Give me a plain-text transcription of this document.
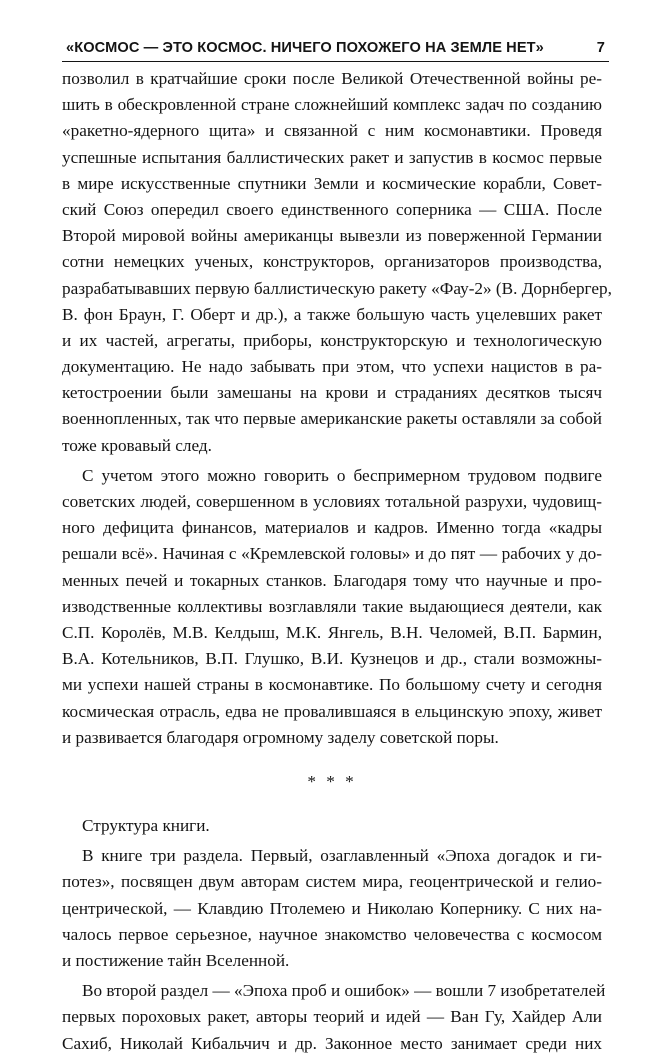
«КОСМОС — ЭТО КОСМОС. НИЧЕГО ПОХОЖЕГО НА ЗЕМЛЕ НЕТ»	7
позволил в кратчайшие сроки после Великой Отечественной войны ре-
шить в обескровленной стране сложнейший комплекс задач по созданию
«ракетно-ядерного щита» и связанной с ним космонавтики. Проведя
успешные испытания баллистических ракет и запустив в космос первые
в мире искусственные спутники Земли и космические корабли, Совет-
ский Союз опередил своего единственного соперника — США. После
Второй мировой войны американцы вывезли из поверженной Германии
сотни немецких ученых, конструкторов, организаторов производства,
разрабатывавших первую баллистическую ракету «Фау-2» (В. Дорнбергер,
В. фон Браун, Г. Оберт и др.), а также большую часть уцелевших ракет
и их частей, агрегаты, приборы, конструкторскую и технологическую
документацию. Не надо забывать при этом, что успехи нацистов в ра-
кетостроении были замешаны на крови и страданиях десятков тысяч
военнопленных, так что первые американские ракеты оставляли за собой
тоже кровавый след.
С учетом этого можно говорить о беспримерном трудовом подвиге
советских людей, совершенном в условиях тотальной разрухи, чудовищ-
ного дефицита финансов, материалов и кадров. Именно тогда «кадры
решали всё». Начиная с «Кремлевской головы» и до пят — рабочих у до-
менных печей и токарных станков. Благодаря тому что научные и про-
изводственные коллективы возглавляли такие выдающиеся деятели, как
С.П. Королёв, М.В. Келдыш, М.К. Янгель, В.Н. Челомей, В.П. Бармин,
В.А. Котельников, В.П. Глушко, В.И. Кузнецов и др., стали возможны-
ми успехи нашей страны в космонавтике. По большому счету и сегодня
космическая отрасль, едва не провалившаяся в ельцинскую эпоху, живет
и развивается благодаря огромному заделу советской поры.
* * *
Структура книги.
В книге три раздела. Первый, озаглавленный «Эпоха догадок и ги-
потез», посвящен двум авторам систем мира, геоцентрической и гелио-
центрической, — Клавдию Птолемею и Николаю Копернику. С них на-
чалось первое серьезное, научное знакомство человечества с космосом
и постижение тайн Вселенной.
Во второй раздел — «Эпоха проб и ошибок» — вошли 7 изобретателей
первых пороховых ракет, авторы теорий и идей — Ван Гу, Хайдер Али
Сахиб, Николай Кибальчич и др. Законное место занимает среди них
